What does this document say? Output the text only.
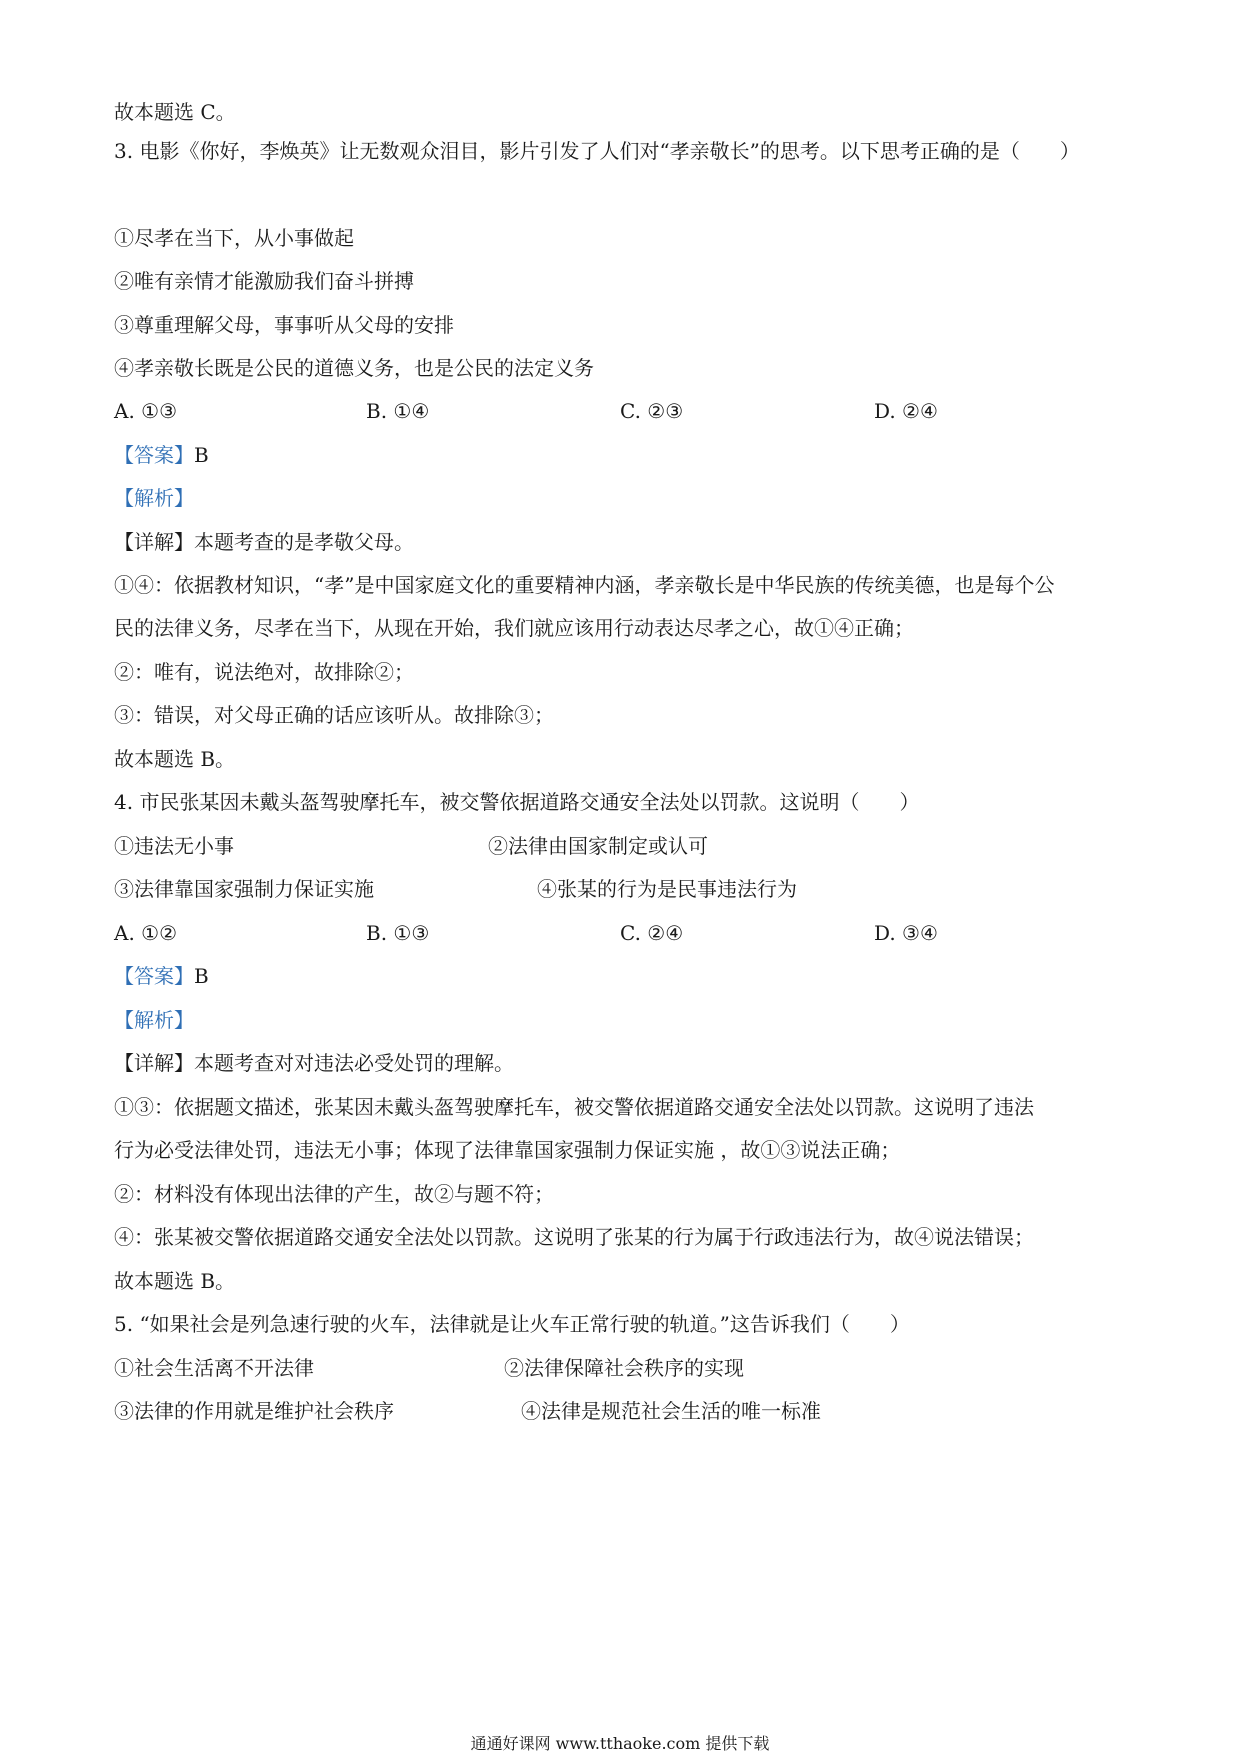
故本题选 C。
3. 电影《你好，李焕英》让无数观众泪目，影片引发了人们对“孝亲敬长”的思考。以下思考正确的是（　　）
①尽孝在当下，从小事做起
②唯有亲情才能激励我们奋斗拼搏
③尊重理解父母，事事听从父母的安排
④孝亲敬长既是公民的道德义务，也是公民的法定义务
A. ①③	B. ①④	C. ②③	D. ②④
【答案】B
【解析】
【详解】本题考查的是孝敬父母。
①④：依据教材知识，“孝”是中国家庭文化的重要精神内涵，孝亲敬长是中华民族的传统美德，也是每个公
民的法律义务，尽孝在当下，从现在开始，我们就应该用行动表达尽孝之心，故①④正确；
②：唯有，说法绝对，故排除②；
③：错误，对父母正确的话应该听从。故排除③；
故本题选 B。
4. 市民张某因未戴头盔驾驶摩托车，被交警依据道路交通安全法处以罚款。这说明（　　）
①违法无小事	②法律由国家制定或认可
③法律靠国家强制力保证实施	④张某的行为是民事违法行为
A. ①②	B. ①③	C. ②④	D. ③④
【答案】B
【解析】
【详解】本题考查对对违法必受处罚的理解。
①③：依据题文描述，张某因未戴头盔驾驶摩托车，被交警依据道路交通安全法处以罚款。这说明了违法
行为必受法律处罚，违法无小事；体现了法律靠国家强制力保证实施 ，故①③说法正确；
②：材料没有体现出法律的产生，故②与题不符；
④：张某被交警依据道路交通安全法处以罚款。这说明了张某的行为属于行政违法行为，故④说法错误；
故本题选 B。
5. “如果社会是列急速行驶的火车，法律就是让火车正常行驶的轨道。”这告诉我们（　　）
①社会生活离不开法律	②法律保障社会秩序的实现
③法律的作用就是维护社会秩序	④法律是规范社会生活的唯一标准
通通好课网 www.tthaoke.com 提供下载
